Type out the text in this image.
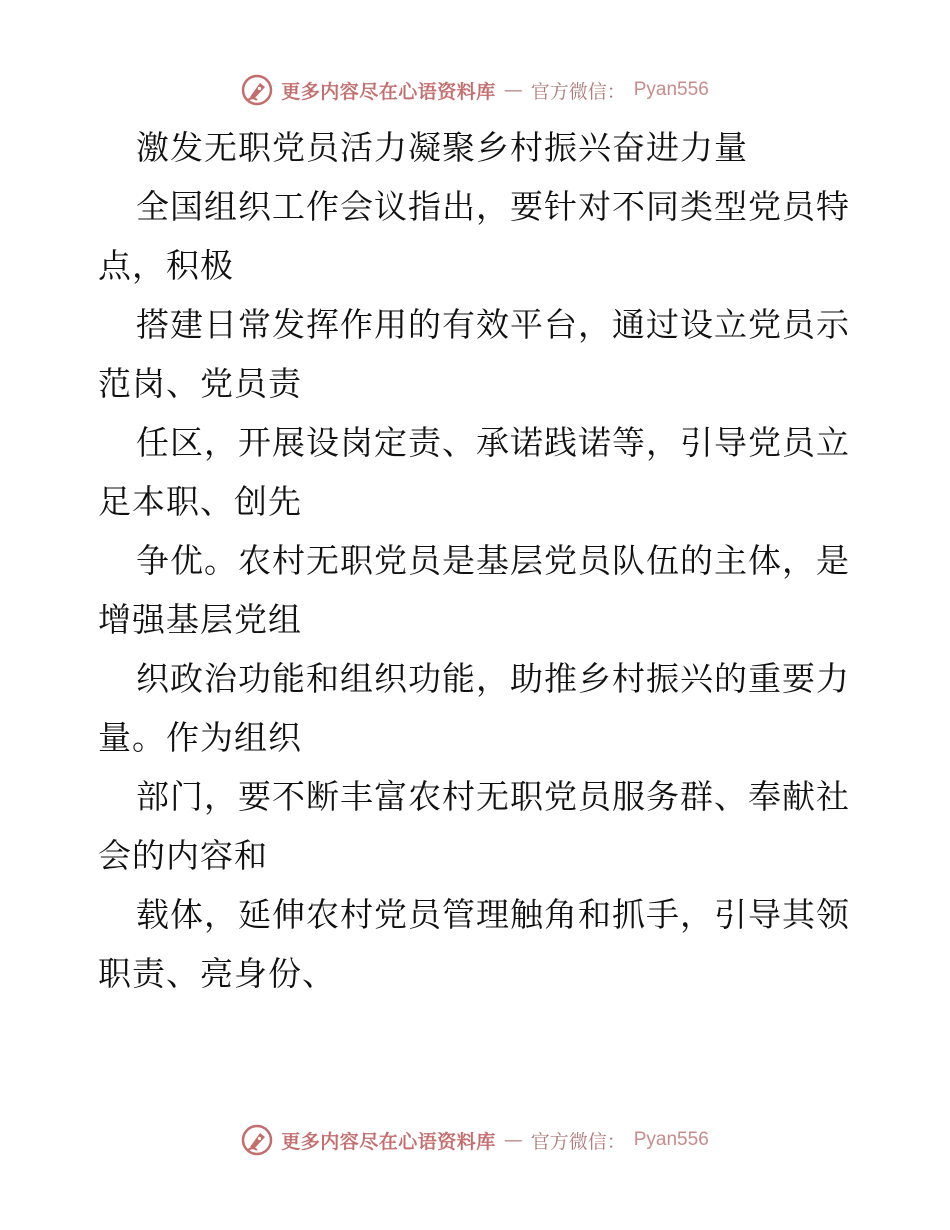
更多内容尽在心语资料库 — 官方微信： Pyan556
激发无职党员活力凝聚乡村振兴奋进力量
全国组织工作会议指出，要针对不同类型党员特
点，积极
搭建日常发挥作用的有效平台，通过设立党员示
范岗、党员责
任区，开展设岗定责、承诺践诺等，引导党员立
足本职、创先
争优。农村无职党员是基层党员队伍的主体，是
增强基层党组
织政治功能和组织功能，助推乡村振兴的重要力
量。作为组织
部门，要不断丰富农村无职党员服务群、奉献社
会的内容和
载体，延伸农村党员管理触角和抓手，引导其领
职责、亮身份、
更多内容尽在心语资料库 — 官方微信： Pyan556
